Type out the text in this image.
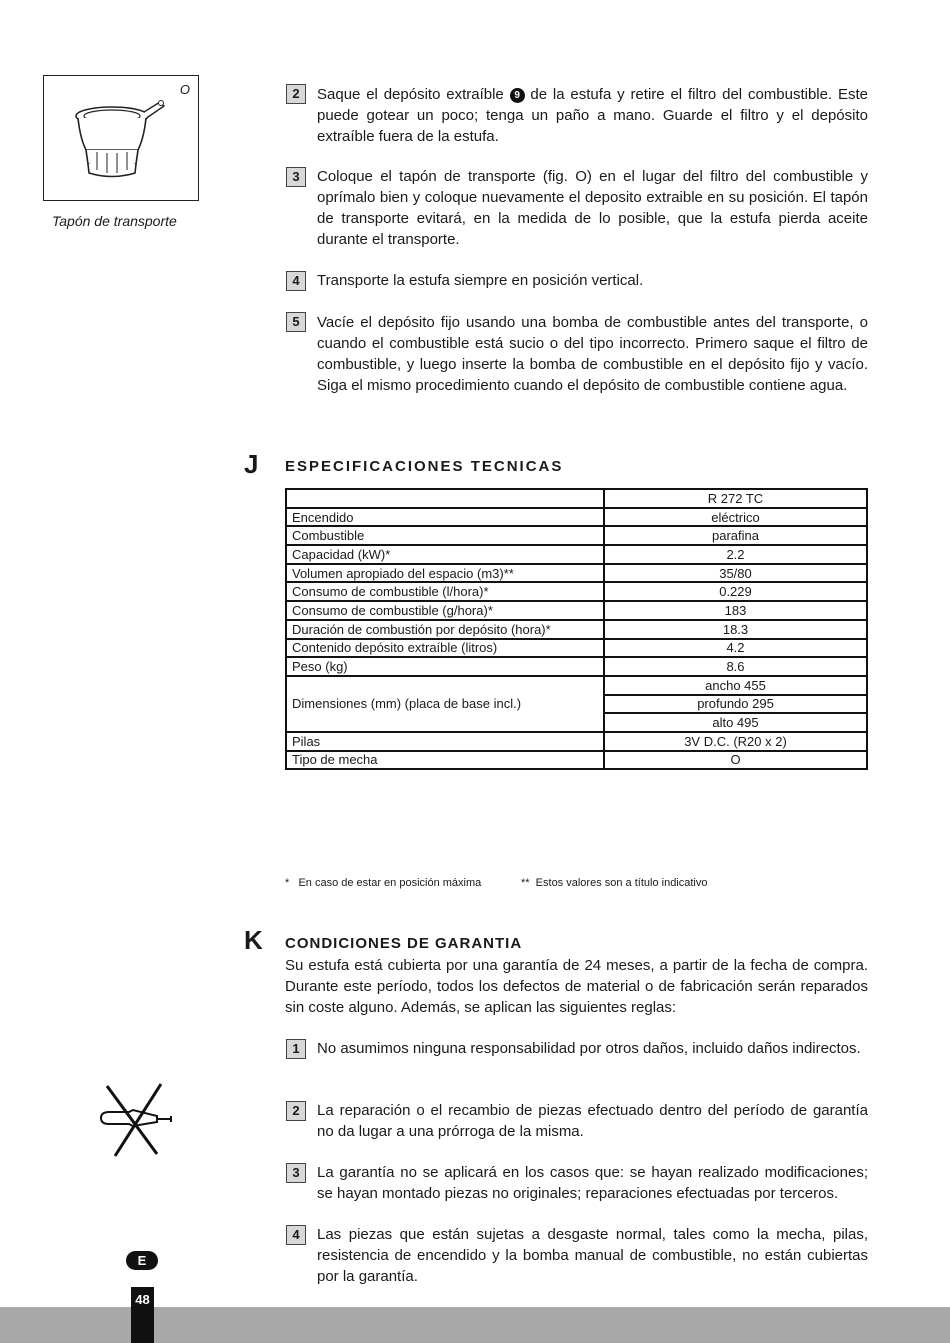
O
Tapón de transporte
2	Saque el depósito extraíble 9 de la estufa y retire el filtro del combustible. Este puede gotear un poco; tenga un paño a mano. Guarde el filtro y el depósito extraíble fuera de la estufa.
3	Coloque el tapón de transporte (fig. O) en el lugar del filtro del combustible y oprímalo bien y coloque nuevamente el deposito extraible en su posición. El tapón de transporte evitará, en la medida de lo posible, que la estufa pierda aceite durante el transporte.
4	Transporte la estufa siempre en posición vertical.
5	Vacíe el depósito fijo usando una bomba de combustible antes del transporte, o cuando el combustible está sucio o del tipo incorrecto. Primero saque el filtro de combustible, y luego inserte la bomba de combustible en el depósito fijo y vacío. Siga el mismo procedimiento cuando el depósito de combustible contiene agua.
J ESPECIFICACIONES TECNICAS
	R 272 TC
Encendido	eléctrico
Combustible	parafina
Capacidad (kW)*	2.2
Volumen apropiado del espacio (m3)**	35/80
Consumo de combustible (l/hora)*	0.229
Consumo de combustible (g/hora)*	183
Duración de combustión por depósito (hora)*	18.3
Contenido depósito extraíble (litros)	4.2
Peso (kg)	8.6
Dimensiones (mm) (placa de base incl.)	ancho 455
	profundo 295
	alto 495
Pilas	3V D.C. (R20 x 2)
Tipo de mecha	O
*   En caso de estar en posición máxima	**  Estos valores son a título indicativo
K CONDICIONES DE GARANTIA
Su estufa está cubierta por una garantía de 24 meses, a partir de la fecha de compra. Durante este período, todos los defectos de material o de fabricación serán reparados sin coste alguno. Además, se aplican las siguientes reglas:
1	No asumimos ninguna responsabilidad por otros daños, incluido daños indirectos.
2	La reparación o el recambio de piezas efectuado dentro del período de garantía no da lugar a una prórroga de la misma.
3	La garantía no se aplicará en los casos que: se hayan realizado modificaciones; se hayan montado piezas no originales; reparaciones efectuadas por terceros.
4	Las piezas que están sujetas a desgaste normal, tales como la mecha, pilas, resistencia de encendido y la bomba manual de combustible, no están cubiertas por la garantía.
E
48
